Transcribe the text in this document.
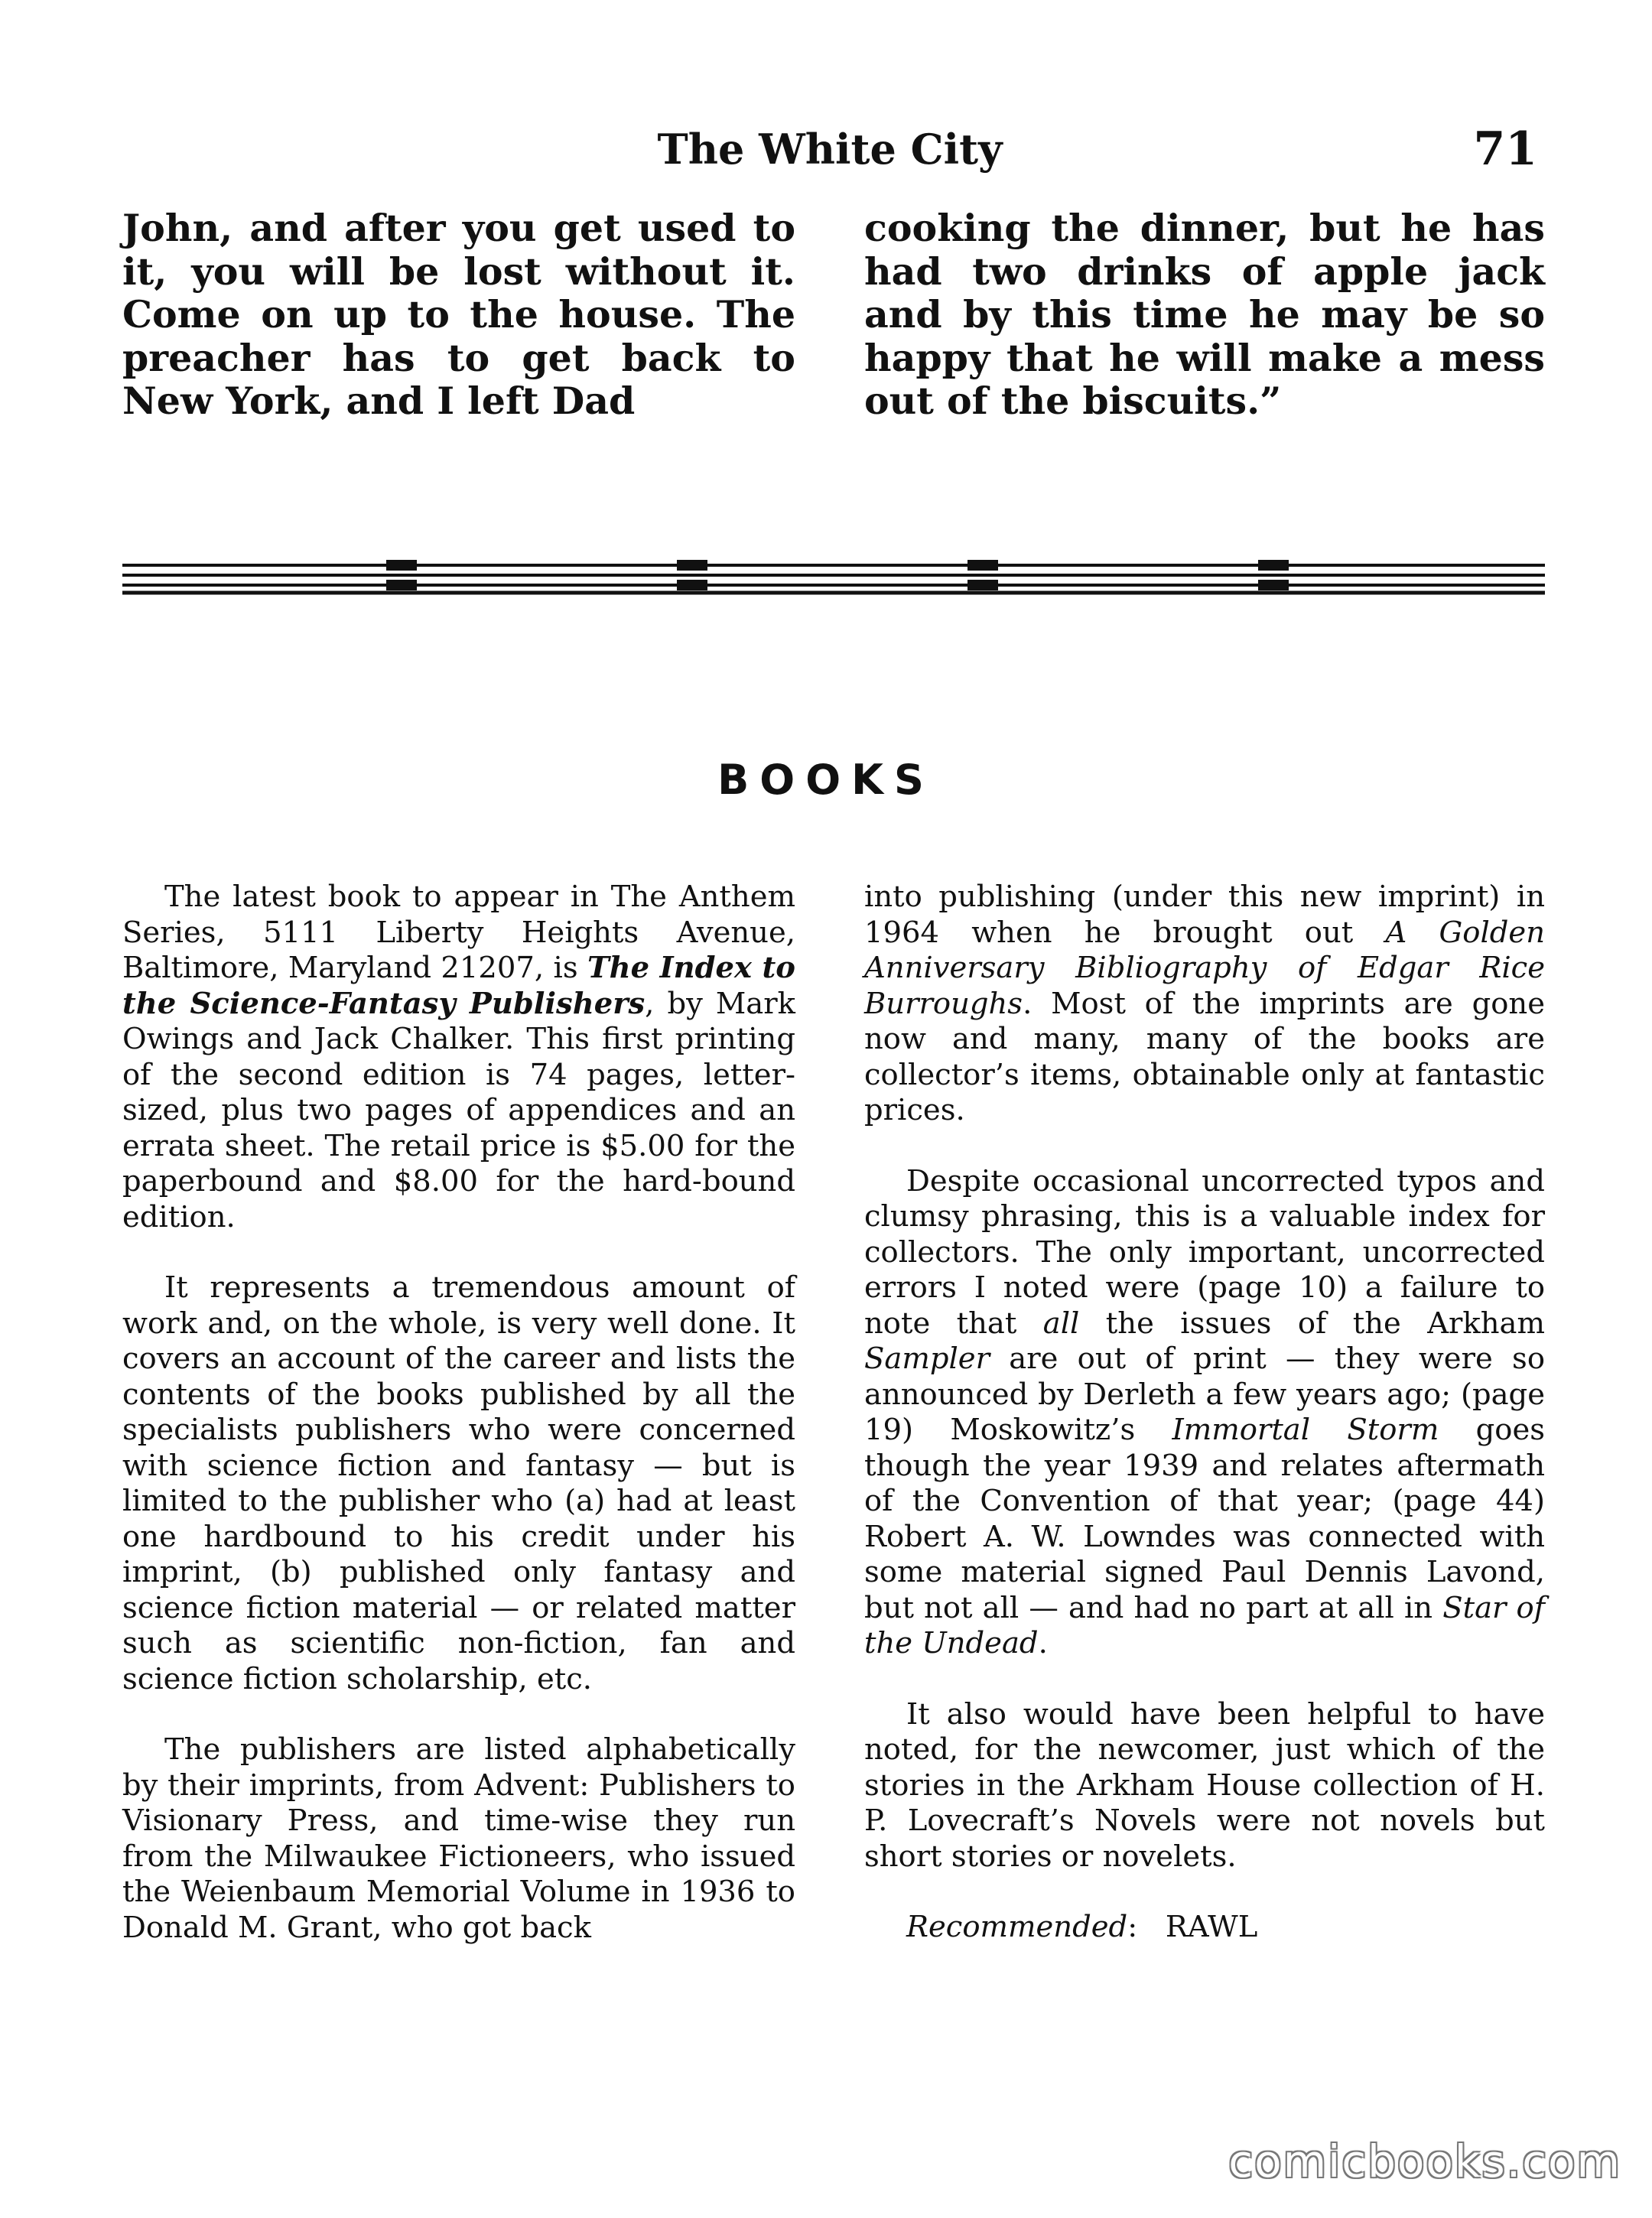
The White City	71

John, and after you get used to it, you will be lost without it. Come on up to the house. The preacher has to get back to New York, and I left Dad

cooking the dinner, but he has had two drinks of apple jack and by this time he may be so happy that he will make a mess out of the biscuits.”

BOOKS

The latest book to appear in The Anthem Series, 5111 Liberty Heights Avenue, Baltimore, Maryland 21207, is The Index to the Science-Fantasy Publishers, by Mark Owings and Jack Chalker. This first printing of the second edition is 74 pages, letter-sized, plus two pages of appendices and an errata sheet. The retail price is $5.00 for the paperbound and $8.00 for the hard-bound edition.

It represents a tremendous amount of work and, on the whole, is very well done. It covers an account of the career and lists the contents of the books published by all the specialists publishers who were concerned with science fiction and fantasy — but is limited to the publisher who (a) had at least one hardbound to his credit under his imprint, (b) published only fantasy and science fiction material — or related matter such as scientific non-fiction, fan and science fiction scholarship, etc.

The publishers are listed alphabetically by their imprints, from Advent: Publishers to Visionary Press, and time-wise they run from the Milwaukee Fictioneers, who issued the Weienbaum Memorial Volume in 1936 to Donald M. Grant, who got back

into publishing (under this new imprint) in 1964 when he brought out A Golden Anniversary Bibliography of Edgar Rice Burroughs. Most of the imprints are gone now and many, many of the books are collector’s items, obtainable only at fantastic prices.

Despite occasional uncorrected typos and clumsy phrasing, this is a valuable index for collectors. The only important, uncorrected errors I noted were (page 10) a failure to note that all the issues of the Arkham Sampler are out of print — they were so announced by Derleth a few years ago; (page 19) Moskowitz’s Immortal Storm goes though the year 1939 and relates aftermath of the Convention of that year; (page 44) Robert A. W. Lowndes was connected with some material signed Paul Dennis Lavond, but not all — and had no part at all in Star of the Undead.

It also would have been helpful to have noted, for the newcomer, just which of the stories in the Arkham House collection of H. P. Lovecraft’s Novels were not novels but short stories or novelets.

Recommended: RAWL

comicbooks.com
